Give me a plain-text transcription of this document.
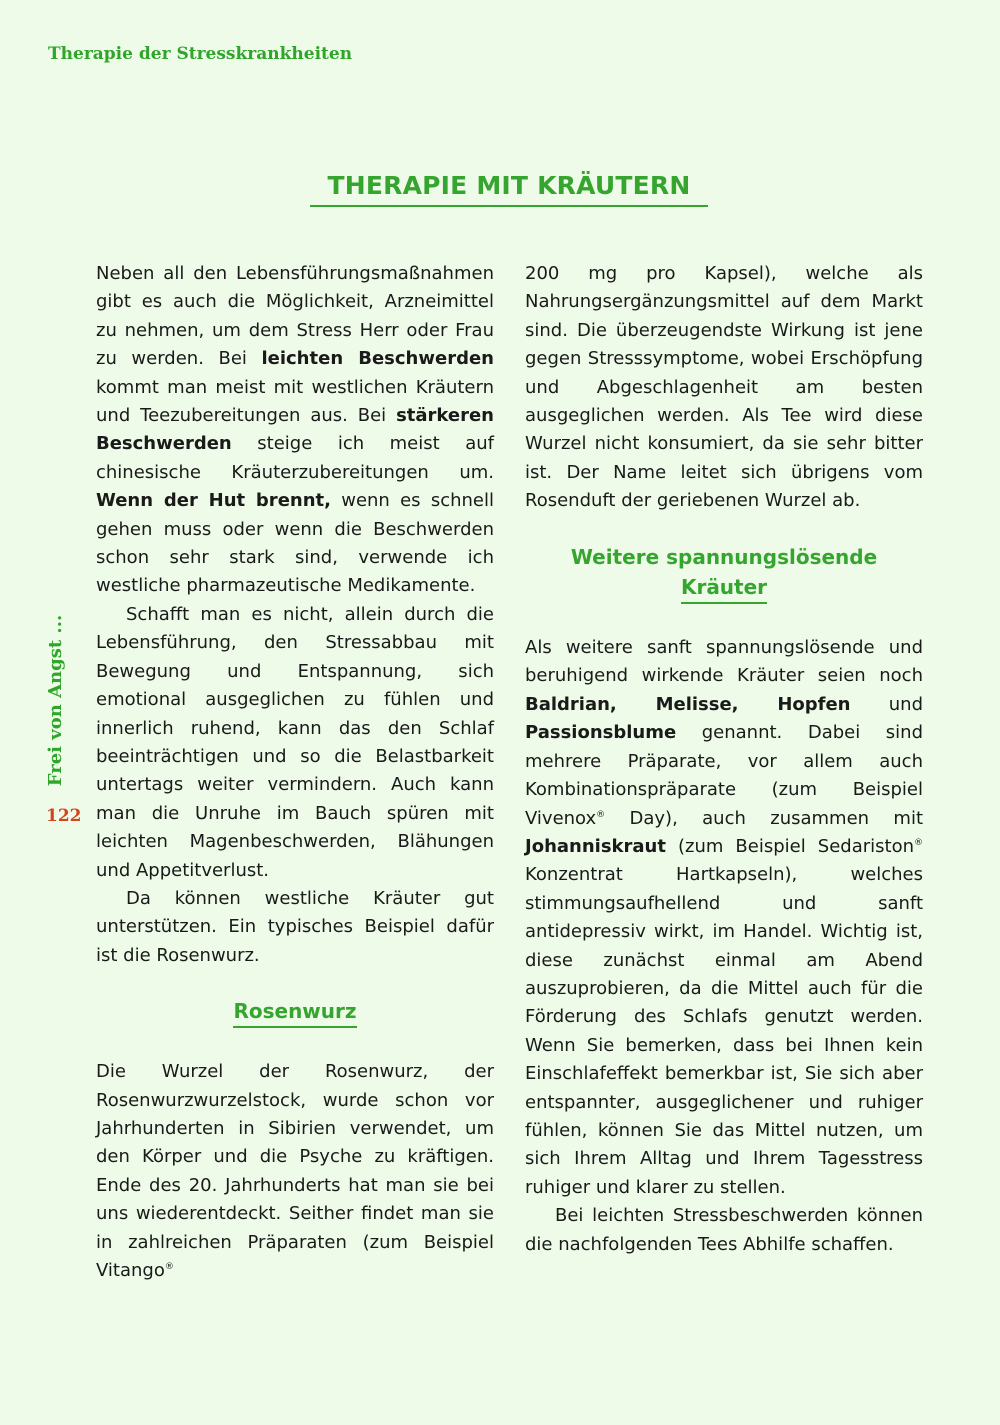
Therapie der Stresskrankheiten
THERAPIE MIT KRÄUTERN
Frei von Angst ...
122

Neben all den Lebensführungsmaßnahmen gibt es auch die Möglichkeit, Arzneimittel zu nehmen, um dem Stress Herr oder Frau zu werden. Bei leichten Beschwerden kommt man meist mit westlichen Kräutern und Teezubereitungen aus. Bei stärkeren Beschwerden steige ich meist auf chinesische Kräuterzubereitungen um. Wenn der Hut brennt, wenn es schnell gehen muss oder wenn die Beschwerden schon sehr stark sind, verwende ich westliche pharmazeutische Medikamente.

Schafft man es nicht, allein durch die Lebensführung, den Stressabbau mit Bewegung und Entspannung, sich emotional ausgeglichen zu fühlen und innerlich ruhend, kann das den Schlaf beeinträchtigen und so die Belastbarkeit untertags weiter vermindern. Auch kann man die Unruhe im Bauch spüren mit leichten Magenbeschwerden, Blähungen und Appetitverlust.

Da können westliche Kräuter gut unterstützen. Ein typisches Beispiel dafür ist die Rosenwurz.

Rosenwurz

Die Wurzel der Rosenwurz, der Rosenwurzwurzelstock, wurde schon vor Jahrhunderten in Sibirien verwendet, um den Körper und die Psyche zu kräftigen. Ende des 20. Jahrhunderts hat man sie bei uns wiederentdeckt. Seither findet man sie in zahlreichen Präparaten (zum Beispiel Vitango®

200 mg pro Kapsel), welche als Nahrungsergänzungsmittel auf dem Markt sind. Die überzeugendste Wirkung ist jene gegen Stresssymptome, wobei Erschöpfung und Abgeschlagenheit am besten ausgeglichen werden. Als Tee wird diese Wurzel nicht konsumiert, da sie sehr bitter ist. Der Name leitet sich übrigens vom Rosenduft der geriebenen Wurzel ab.

Weitere spannungslösende
Kräuter

Als weitere sanft spannungslösende und beruhigend wirkende Kräuter seien noch Baldrian, Melisse, Hopfen und Passionsblume genannt. Dabei sind mehrere Präparate, vor allem auch Kombinationspräparate (zum Beispiel Vivenox® Day), auch zusammen mit Johanniskraut (zum Beispiel Sedariston® Konzentrat Hartkapseln), welches stimmungsaufhellend und sanft antidepressiv wirkt, im Handel. Wichtig ist, diese zunächst einmal am Abend auszuprobieren, da die Mittel auch für die Förderung des Schlafs genutzt werden. Wenn Sie bemerken, dass bei Ihnen kein Einschlafeffekt bemerkbar ist, Sie sich aber entspannter, ausgeglichener und ruhiger fühlen, können Sie das Mittel nutzen, um sich Ihrem Alltag und Ihrem Tagesstress ruhiger und klarer zu stellen.

Bei leichten Stressbeschwerden können die nachfolgenden Tees Abhilfe schaffen.
